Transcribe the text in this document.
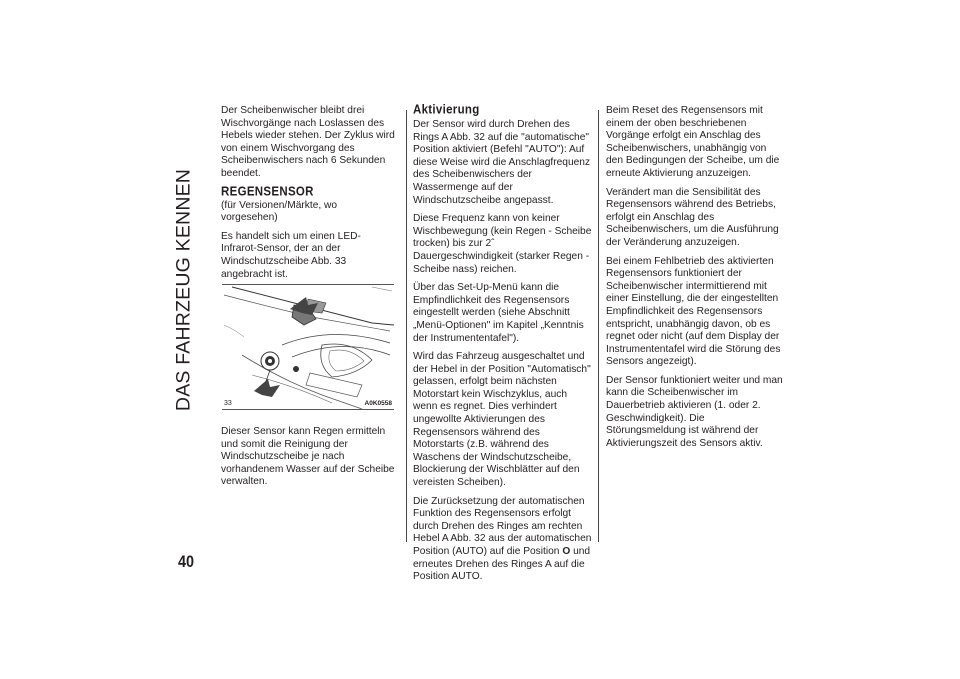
DAS FAHRZEUG KENNEN
40

Der Scheibenwischer bleibt drei Wischvorgänge nach Loslassen des Hebels wieder stehen. Der Zyklus wird von einem Wischvorgang des Scheibenwischers nach 6 Sekunden beendet.

REGENSENSOR

(für Versionen/Märkte, wo vorgesehen)

Es handelt sich um einen LED-Infrarot-Sensor, der an der Windschutzscheibe Abb. 33 angebracht ist.

33	A0K0558

Dieser Sensor kann Regen ermitteln und somit die Reinigung der Windschutzscheibe je nach vorhandenem Wasser auf der Scheibe verwalten.

Aktivierung

Der Sensor wird durch Drehen des Rings A Abb. 32 auf die "automatische" Position aktiviert (Befehl "AUTO"): Auf diese Weise wird die Anschlagfrequenz des Scheibenwischers der Wassermenge auf der Windschutzscheibe angepasst.

Diese Frequenz kann von keiner Wischbewegung (kein Regen - Scheibe trocken) bis zur 2ˆ Dauergeschwindigkeit (starker Regen - Scheibe nass) reichen.

Über das Set-Up-Menü kann die Empfindlichkeit des Regensensors eingestellt werden (siehe Abschnitt „Menü-Optionen" im Kapitel „Kenntnis der Instrumententafel").

Wird das Fahrzeug ausgeschaltet und der Hebel in der Position "Automatisch" gelassen, erfolgt beim nächsten Motorstart kein Wischzyklus, auch wenn es regnet. Dies verhindert ungewollte Aktivierungen des Regensensors während des Motorstarts (z.B. während des Waschens der Windschutzscheibe, Blockierung der Wischblätter auf den vereisten Scheiben).

Die Zurücksetzung der automatischen Funktion des Regensensors erfolgt durch Drehen des Ringes am rechten Hebel A Abb. 32 aus der automatischen Position (AUTO) auf die Position O und erneutes Drehen des Ringes A auf die Position AUTO.

Beim Reset des Regensensors mit einem der oben beschriebenen Vorgänge erfolgt ein Anschlag des Scheibenwischers, unabhängig von den Bedingungen der Scheibe, um die erneute Aktivierung anzuzeigen.

Verändert man die Sensibilität des Regensensors während des Betriebs, erfolgt ein Anschlag des Scheibenwischers, um die Ausführung der Veränderung anzuzeigen.

Bei einem Fehlbetrieb des aktivierten Regensensors funktioniert der Scheibenwischer intermittierend mit einer Einstellung, die der eingestellten Empfindlichkeit des Regensensors entspricht, unabhängig davon, ob es regnet oder nicht (auf dem Display der Instrumententafel wird die Störung des Sensors angezeigt).

Der Sensor funktioniert weiter und man kann die Scheibenwischer im Dauerbetrieb aktivieren (1. oder 2. Geschwindigkeit). Die Störungsmeldung ist während der Aktivierungszeit des Sensors aktiv.
